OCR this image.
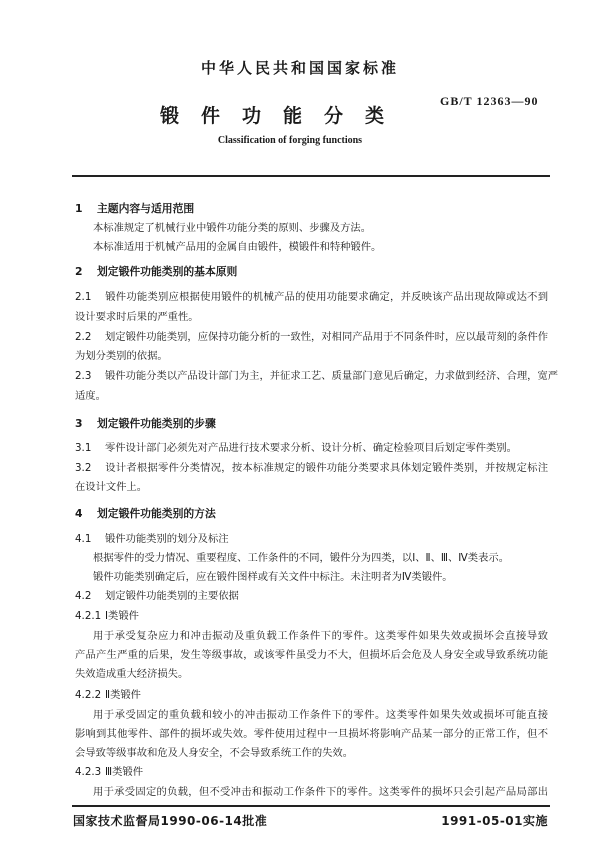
中华人民共和国国家标准
锻件功能分类
GB/T 12363—90
Classification of forging functions
1 主题内容与适用范围
本标准规定了机械行业中锻件功能分类的原则、步骤及方法。
本标准适用于机械产品用的金属自由锻件，模锻件和特种锻件。
2 划定锻件功能类别的基本原则
2.1 锻件功能类别应根据使用锻件的机械产品的使用功能要求确定，并反映该产品出现故障或达不到
设计要求时后果的严重性。
2.2 划定锻件功能类别，应保持功能分析的一致性，对相同产品用于不同条件时，应以最苛刻的条件作
为划分类别的依据。
2.3 锻件功能分类以产品设计部门为主，并征求工艺、质量部门意见后确定，力求做到经济、合理，宽严
适度。
3 划定锻件功能类别的步骤
3.1 零件设计部门必须先对产品进行技术要求分析、设计分析、确定检验项目后划定零件类别。
3.2 设计者根据零件分类情况，按本标准规定的锻件功能分类要求具体划定锻件类别，并按规定标注
在设计文件上。
4 划定锻件功能类别的方法
4.1 锻件功能类别的划分及标注
根据零件的受力情况、重要程度、工作条件的不同，锻件分为四类，以Ⅰ、Ⅱ、Ⅲ、Ⅳ类表示。
锻件功能类别确定后，应在锻件图样或有关文件中标注。未注明者为Ⅳ类锻件。
4.2 划定锻件功能类别的主要依据
4.2.1 Ⅰ类锻件
用于承受复杂应力和冲击振动及重负载工作条件下的零件。这类零件如果失效或损坏会直接导致
产品产生严重的后果，发生等级事故，或该零件虽受力不大，但损坏后会危及人身安全或导致系统功能
失效造成重大经济损失。
4.2.2 Ⅱ类锻件
用于承受固定的重负载和较小的冲击振动工作条件下的零件。这类零件如果失效或损坏可能直接
影响到其他零件、部件的损坏或失效。零件使用过程中一旦损坏将影响产品某一部分的正常工作，但不
会导致等级事故和危及人身安全，不会导致系统工作的失效。
4.2.3 Ⅲ类锻件
用于承受固定的负载，但不受冲击和振动工作条件下的零件。这类零件的损坏只会引起产品局部出
国家技术监督局1990-06-14批准	1991-05-01实施
